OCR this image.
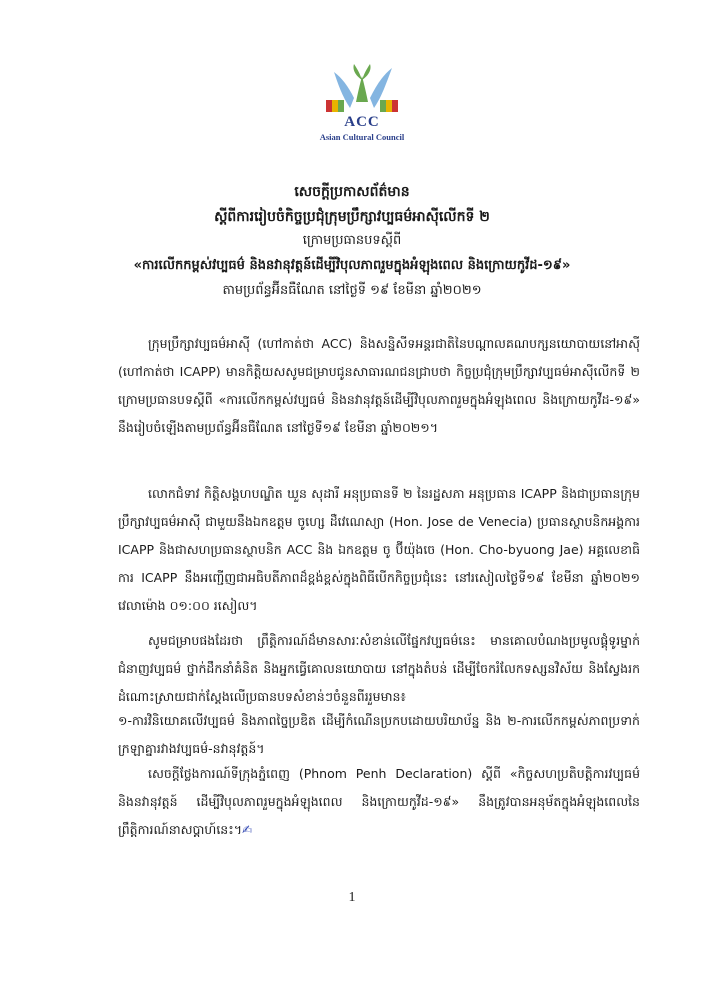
ACC
Asian Cultural Council
សេចក្តីប្រកាសព័ត៌មាន
ស្តីពីការរៀបចំកិច្ចប្រជុំក្រុមប្រឹក្សាវប្បធម៌អាស៊ីលើកទី ២
ក្រោមប្រធានបទស្តីពី
«ការលើកកម្ពស់វប្បធម៌ និងនវានុវត្តន៍ដើម្បីវិបុលភាពរួមក្នុងអំឡុងពេល និងក្រោយកូវីដ-១៩»
តាមប្រព័ន្ធអ៊ីនធឺណែត នៅថ្ងៃទី ១៩ ខែមីនា ឆ្នាំ២០២១
ក្រុមប្រឹក្សាវប្បធម៌អាស៊ី (ហៅកាត់ថា ACC) និងសន្និសីទអន្តរជាតិនៃបណ្តាលគណបក្សនយោបាយនៅអាស៊ី (ហៅកាត់ថា ICAPP) មានកិត្តិយសសូមជម្រាបជូនសាធារណជនជ្រាបថា កិច្ចប្រជុំក្រុមប្រឹក្សាវប្បធម៌អាស៊ីលើកទី ២ ក្រោមប្រធានបទស្តីពី «ការលើកកម្ពស់វប្បធម៌ និងនវានុវត្តន៍ដើម្បីវិបុលភាពរួមក្នុងអំឡុងពេល និងក្រោយកូវីដ-១៩» នឹងរៀបចំឡើងតាមប្រព័ន្ធអ៊ីនធឺណែត នៅថ្ងៃទី១៩ ខែមីនា ឆ្នាំ២០២១។
លោកជំទាវ កិត្តិសង្គហបណ្ឌិត ឃួន សុដារី អនុប្រធានទី ២ នៃរដ្ឋសភា អនុប្រធាន ICAPP និងជាប្រធានក្រុមប្រឹក្សាវប្បធម៌អាស៊ី ជាមួយនឹងឯកឧត្តម ចូហ្សេ ដឺវេណេស្យា (Hon. Jose de Venecia) ប្រធានស្ថាបនិកអង្គការ ICAPP និងជាសហប្រធានស្ថាបនិក ACC និង ឯកឧត្តម ចូ ប៊ីយ៉ុងចេ (Hon. Cho-byuong Jae) អគ្គលេខាធិការ ICAPP នឹងអញ្ជើញជាអធិបតីភាពដ៏ខ្ពង់ខ្ពស់ក្នុងពិធីបើកកិច្ចប្រជុំនេះ នៅរសៀលថ្ងៃទី១៩ ខែមីនា ឆ្នាំ២០២១ វេលាម៉ោង ០១:០០ រសៀល។
សូមជម្រាបផងដែរថា ព្រឹត្តិការណ៍ដ៏មានសារៈសំខាន់លើផ្នែកវប្បធម៌នេះ មានគោលបំណងប្រមូលផ្តុំទូរម្នាក់ជំនាញវប្បធម៌ ថ្នាក់ដឹកនាំគំនិត និងអ្នកធ្វើគោលនយោបាយ នៅក្នុងតំបន់ ដើម្បីចែករំលែកទស្សនវិស័យ និងស្វែងរកដំណោះស្រាយជាក់ស្តែងលើប្រធានបទសំខាន់ៗចំនួនពីររួមមាន៖
១-ការវិនិយោគលើវប្បធម៌ និងភាពច្នៃប្រឌិត ដើម្បីកំណើនប្រកបដោយបរិយាប័ន្ន និង ២-ការលើកកម្ពស់ភាពប្រទាក់ក្រឡាគ្នារវាងវប្បធម៌-នវានុវត្តន៍។
សេចក្តីថ្លែងការណ៍ទីក្រុងភ្នំពេញ (Phnom Penh Declaration) ស្តីពី «កិច្ចសហប្រតិបត្តិការវប្បធម៌ និងនវានុវត្តន៍ ដើម្បីវិបុលភាពរួមក្នុងអំឡុងពេល និងក្រោយកូវីដ-១៩» នឹងត្រូវបានអនុម័តក្នុងអំឡុងពេលនៃព្រឹត្តិការណ៍នាសប្តាហ៍នេះ។✍
1
